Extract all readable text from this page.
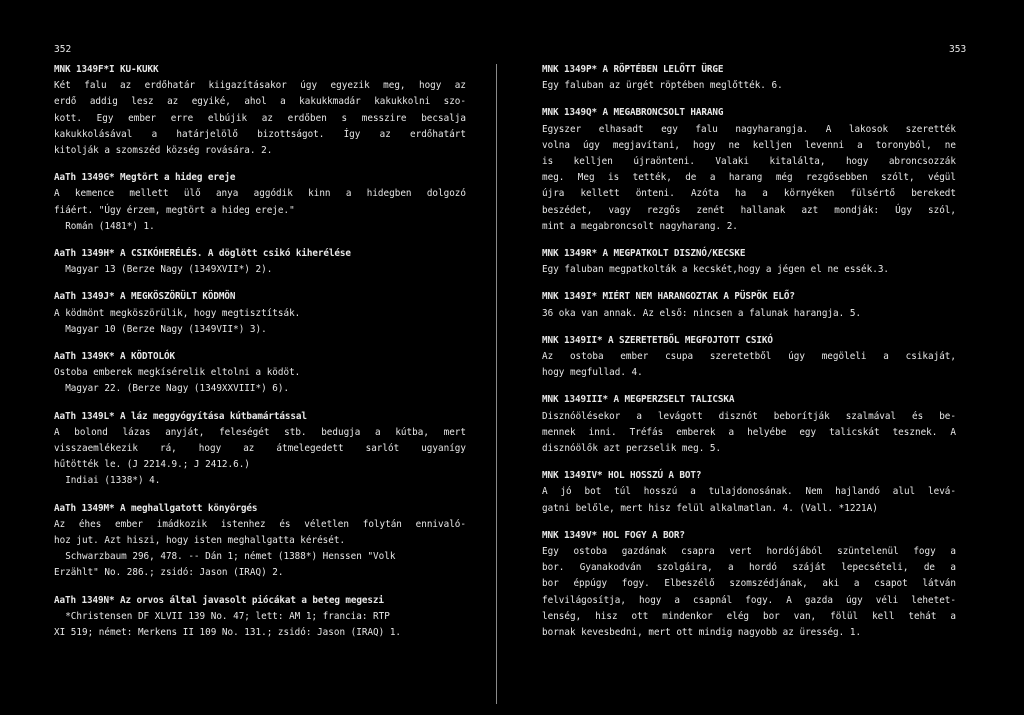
352	353
MNK 1349F*I KU-KUKK
Két falu az erdőhatár kiigazításakor úgy egyezik meg, hogy az
erdő addig lesz az egyiké, ahol a kakukkmadár kakukkolni szo-
kott. Egy ember erre elbújik az erdőben s messzire becsalja
kakukkolásával a határjelölő bizottságot. Így az erdőhatárt
kitolják a szomszéd község rovására. 2.
AaTh 1349G* Megtört a hideg ereje
A kemence mellett ülő anya aggódik kinn a hidegben dolgozó
fiáért. "Úgy érzem, megtört a hideg ereje."
Román (1481*) 1.
AaTh 1349H* A CSIKÓHERÉLÉS. A döglött csikó kiherélése
Magyar 13 (Berze Nagy (1349XVII*) 2).
AaTh 1349J* A MEGKÖSZÖRÜLT KÖDMÖN
A ködmönt megköszörülik, hogy megtisztítsák.
Magyar 10 (Berze Nagy (1349VII*) 3).
AaTh 1349K* A KÖDTOLÓK
Ostoba emberek megkísérelik eltolni a ködöt.
Magyar 22. (Berze Nagy (1349XXVIII*) 6).
AaTh 1349L* A láz meggyógyítása kútbamártással
A bolond lázas anyját, feleségét stb. bedugja a kútba, mert
visszaemlékezik rá, hogy az átmelegedett sarlót ugyanígy
hűtötték le. (J 2214.9.; J 2412.6.)
Indiai (1338*) 4.
AaTh 1349M* A meghallgatott könyörgés
Az éhes ember imádkozik istenhez és véletlen folytán ennivaló-
hoz jut. Azt hiszi, hogy isten meghallgatta kérését.
Schwarzbaum 296, 478. -- Dán 1; német (1388*) Henssen "Volk
Erzählt" No. 286.; zsidó: Jason (IRAQ) 2.
AaTh 1349N* Az orvos által javasolt piócákat a beteg megeszi
*Christensen DF XLVII 139 No. 47; lett: AM 1; francia: RTP
XI 519; német: Merkens II 109 No. 131.; zsidó: Jason (IRAQ) 1.
MNK 1349P* A RÖPTÉBEN LELŐTT ÜRGE
Egy faluban az ürgét röptében meglőtték. 6.
MNK 1349Q* A MEGABRONCSOLT HARANG
Egyszer elhasadt egy falu nagyharangja. A lakosok szerették
volna úgy megjavítani, hogy ne kelljen levenni a toronyból, ne
is kelljen újraönteni. Valaki kitalálta, hogy abroncsozzák
meg. Meg is tették, de a harang még rezgősebben szólt, végül
újra kellett önteni. Azóta ha a környéken fülsértő berekedt
beszédet, vagy rezgős zenét hallanak azt mondják: Úgy szól,
mint a megabroncsolt nagyharang. 2.
MNK 1349R* A MEGPATKOLT DISZNÓ/KECSKE
Egy faluban megpatkolták a kecskét,hogy a jégen el ne essék.3.
MNK 1349I* MIÉRT NEM HARANGOZTAK A PÜSPÖK ELŐ?
36 oka van annak. Az első: nincsen a falunak harangja. 5.
MNK 1349II* A SZERETETBŐL MEGFOJTOTT CSIKÓ
Az ostoba ember csupa szeretetből úgy megöleli a csikaját,
hogy megfullad. 4.
MNK 1349III* A MEGPERZSELT TALICSKA
Disznóölésekor a levágott disznót beborítják szalmával és be-
mennek inni. Tréfás emberek a helyébe egy talicskát tesznek. A
disznóölők azt perzselik meg. 5.
MNK 1349IV* HOL HOSSZÚ A BOT?
A jó bot túl hosszú a tulajdonosának. Nem hajlandó alul levá-
gatni belőle, mert hisz felül alkalmatlan. 4. (Vall. *1221A)
MNK 1349V* HOL FOGY A BOR?
Egy ostoba gazdának csapra vert hordójából szüntelenül fogy a
bor. Gyanakodván szolgáira, a hordó száját lepecsételi, de a
bor éppúgy fogy. Elbeszélő szomszédjának, aki a csapot látván
felvilágosítja, hogy a csapnál fogy. A gazda úgy véli lehetet-
lenség, hisz ott mindenkor elég bor van, fölül kell tehát a
bornak kevesbedni, mert ott mindig nagyobb az üresség. 1.
